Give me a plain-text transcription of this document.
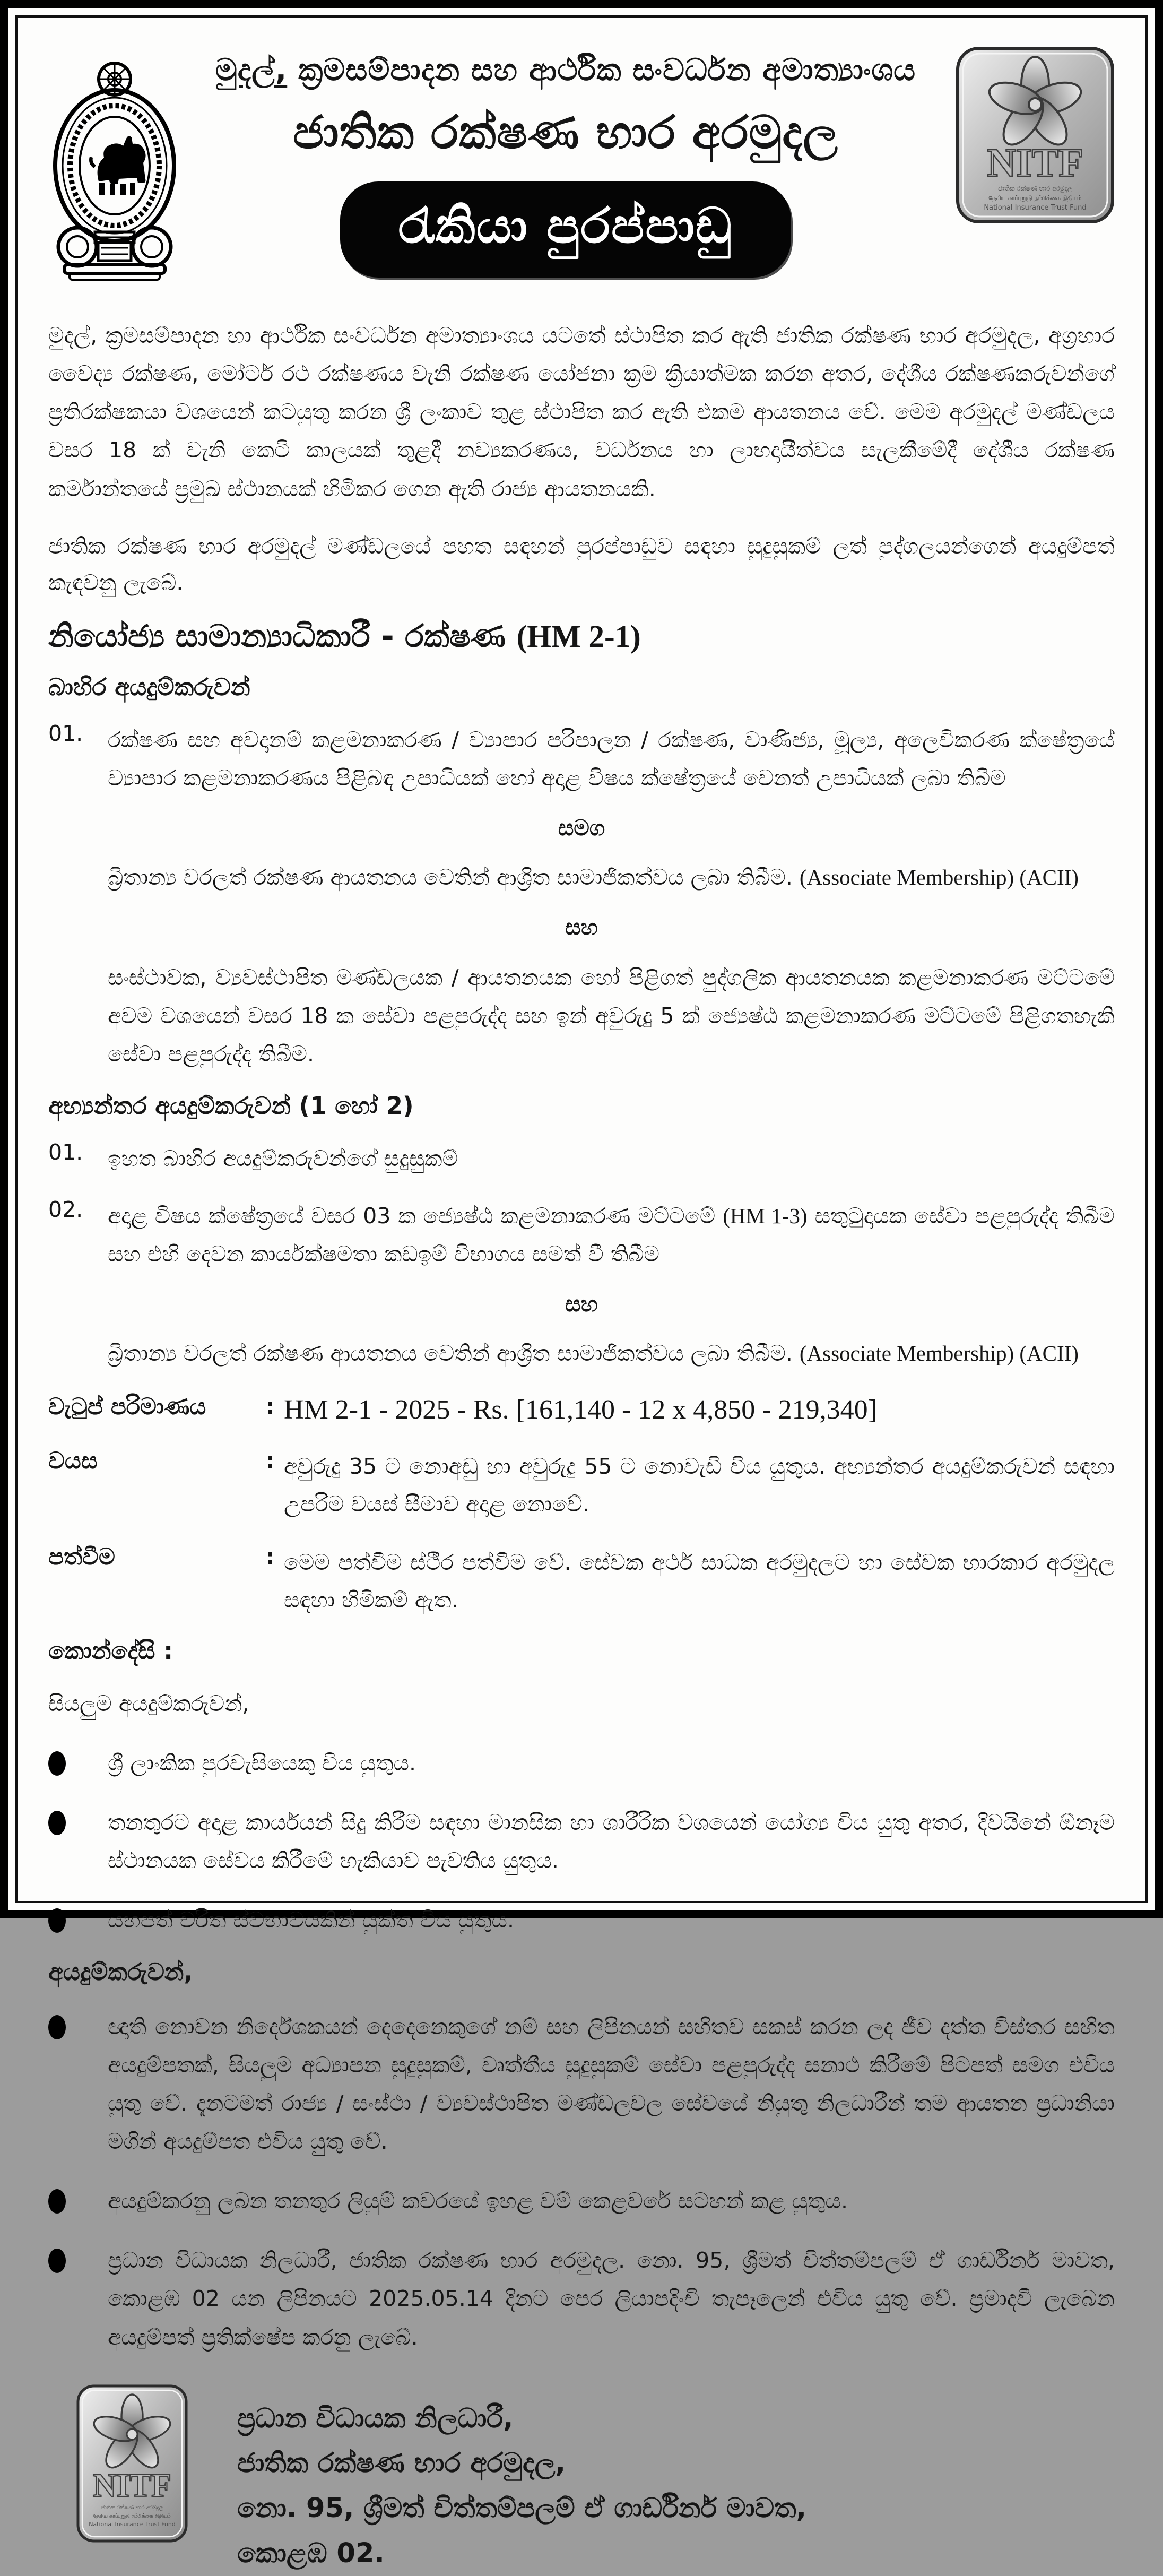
මුදල්, ක්‍රමසම්පාදන සහ ආර්ථික සංවර්ධන අමාත්‍යාංශය
ජාතික රක්ෂණ භාර අරමුදල
රැකියා පුරප්පාඩු
NITF
ජාතික රක්ෂණ භාර අරමුදල
தேசிய காப்புறுதி நம்பிக்கை நிதியம்
National Insurance Trust Fund
මුදල්, ක්‍රමසම්පාදන හා ආර්ථික සංවර්ධන අමාත්‍යාංශය යටතේ ස්ථාපිත කර ඇති ජාතික රක්ෂණ භාර අරමුදල, අග්‍රහාර වෛද්‍ය රක්ෂණ, මෝටර් රථ රක්ෂණය වැනි රක්ෂණ යෝජනා ක්‍රම ක්‍රියාත්මක කරන අතර, දේශීය රක්ෂණකරුවන්ගේ ප්‍රතිරක්ෂකයා වශයෙන් කටයුතු කරන ශ්‍රී ලංකාව තුළ ස්ථාපිත කර ඇති එකම ආයතනය වේ. මෙම අරමුදල් මණ්ඩලය වසර 18 ක් වැනි කෙටි කාලයක් තුළදී නව්‍යකරණය, වර්ධනය හා ලාභදායීත්වය සැලකීමේදී දේශීය රක්ෂණ කර්මාන්තයේ ප්‍රමුඛ ස්ථානයක් හිමිකර ගෙන ඇති රාජ්‍ය ආයතනයකි.
ජාතික රක්ෂණ භාර අරමුදල් මණ්ඩලයේ පහත සඳහන් පුරප්පාඩුව සඳහා සුදුසුකම් ලත් පුද්ගලයන්ගෙන් අයදුම්පත් කැඳවනු ලැබේ.
නියෝජ්‍ය සාමාන්‍යාධිකාරී - රක්ෂණ (HM 2-1)
බාහිර අයදුම්කරුවන්
01.	රක්ෂණ සහ අවදානම් කළමනාකරණ / ව්‍යාපාර පරිපාලන / රක්ෂණ, වාණිජ්‍ය, මූල්‍ය, අලෙවිකරණ ක්ෂේත්‍රයේ ව්‍යාපාර කළමනාකරණය පිළිබඳ උපාධියක් හෝ අදාළ විෂය ක්ෂේත්‍රයේ වෙනත් උපාධියක් ලබා තිබීම
සමග
බ්‍රිතාන්‍ය වරලත් රක්ෂණ ආයතනය වෙතින් ආශ්‍රිත සාමාජිකත්වය ලබා තිබීම. (Associate Membership) (ACII)
සහ
සංස්ථාවක, ව්‍යවස්ථාපිත මණ්ඩලයක / ආයතනයක හෝ පිළිගත් පුද්ගලික ආයතනයක කළමනාකරණ මට්ටමේ අවම වශයෙන් වසර 18 ක සේවා පළපුරුද්ද සහ ඉන් අවුරුදු 5 ක් ජ්‍යෙෂ්ඨ කළමනාකරණ මට්ටමේ පිළිගතහැකි සේවා පළපුරුද්ද තිබීම.
අභ්‍යන්තර අයදුම්කරුවන් (1 හෝ 2)
01.	ඉහත බාහිර අයදුම්කරුවන්ගේ සුදුසුකම්
02.	අදාළ විෂය ක්ෂේත්‍රයේ වසර 03 ක ජ්‍යෙෂ්ඨ කළමනාකරණ මට්ටමේ (HM 1-3) සතුටුදායක සේවා පළපුරුද්ද තිබීම සහ එහි දෙවන කාර්යක්ෂමතා කඩඉම් විභාගය සමත් වී තිබීම
සහ
බ්‍රිතාන්‍ය වරලත් රක්ෂණ ආයතනය වෙතින් ආශ්‍රිත සාමාජිකත්වය ලබා තිබීම. (Associate Membership) (ACII)
වැටුප් පරිමාණය	: HM 2-1 - 2025 - Rs. [161,140 - 12 x 4,850 - 219,340]
වයස	: අවුරුදු 35 ට නොඅඩු හා අවුරුදු 55 ට නොවැඩි විය යුතුය. අභ්‍යන්තර අයදුම්කරුවන් සඳහා උපරිම වයස් සීමාව අදාළ නොවේ.
පත්වීම	: මෙම පත්වීම ස්ථීර පත්වීම වේ. සේවක අර්ථ සාධක අරමුදලට හා සේවක භාරකාර අරමුදල සඳහා හිමිකම් ඇත.
කොන්දේසි :
සියලුම අයදුම්කරුවන්,
ශ්‍රී ලාංකික පුරවැසියෙකු විය යුතුය.
තනතුරට අදාළ කාර්යයන් සිදු කිරීම සඳහා මානසික හා ශාරීරික වශයෙන් යෝග්‍ය විය යුතු අතර, දිවයිනේ ඕනෑම ස්ථානයක සේවය කිරීමේ හැකියාව පැවතිය යුතුය.
යහපත් චරිත ස්වභාවයකින් යුක්ත විය යුතුය.
අයදුම්කරුවන්,
ඥාති නොවන නිර්දේශකයන් දෙදෙනෙකුගේ නම් සහ ලිපිනයන් සහිතව සකස් කරන ලද ජීව දත්ත විස්තර සහිත අයදුම්පතක්, සියලුම අධ්‍යාපන සුදුසුකම්, වෘත්තීය සුදුසුකම් සේවා පළපුරුද්ද සනාථ කිරීමේ පිටපත් සමග එවිය යුතු වේ. දැනටමත් රාජ්‍ය / සංස්ථා / ව්‍යවස්ථාපිත මණ්ඩලවල සේවයේ නියුතු නිලධාරීන් තම ආයතන ප්‍රධානියා මගින් අයදුම්පත එවිය යුතු වේ.
අයදුම්කරනු ලබන තනතුර ලියුම් කවරයේ ඉහළ වම් කෙළවරේ සටහන් කළ යුතුය.
ප්‍රධාන විධායක නිලධාරී, ජාතික රක්ෂණ භාර අරමුදල. නො. 95, ශ්‍රීමත් චිත්තම්පලම් ඒ ගාර්ඩිනර් මාවත, කොළඹ 02 යන ලිපිනයට 2025.05.14 දිනට පෙර ලියාපදිංචි තැපෑලෙන් එවිය යුතු වේ. ප්‍රමාදවී ලැබෙන අයදුම්පත් ප්‍රතික්ෂේප කරනු ලැබේ.
NITF
ජාතික රක්ෂණ භාර අරමුදල
தேசிய காப்புறுதி நம்பிக்கை நிதியம்
National Insurance Trust Fund
ප්‍රධාන විධායක නිලධාරී,
ජාතික රක්ෂණ භාර අරමුදල,
නො. 95, ශ්‍රීමත් චිත්තම්පලම් ඒ ගාර්ඩිනර් මාවත,
කොළඹ 02.
